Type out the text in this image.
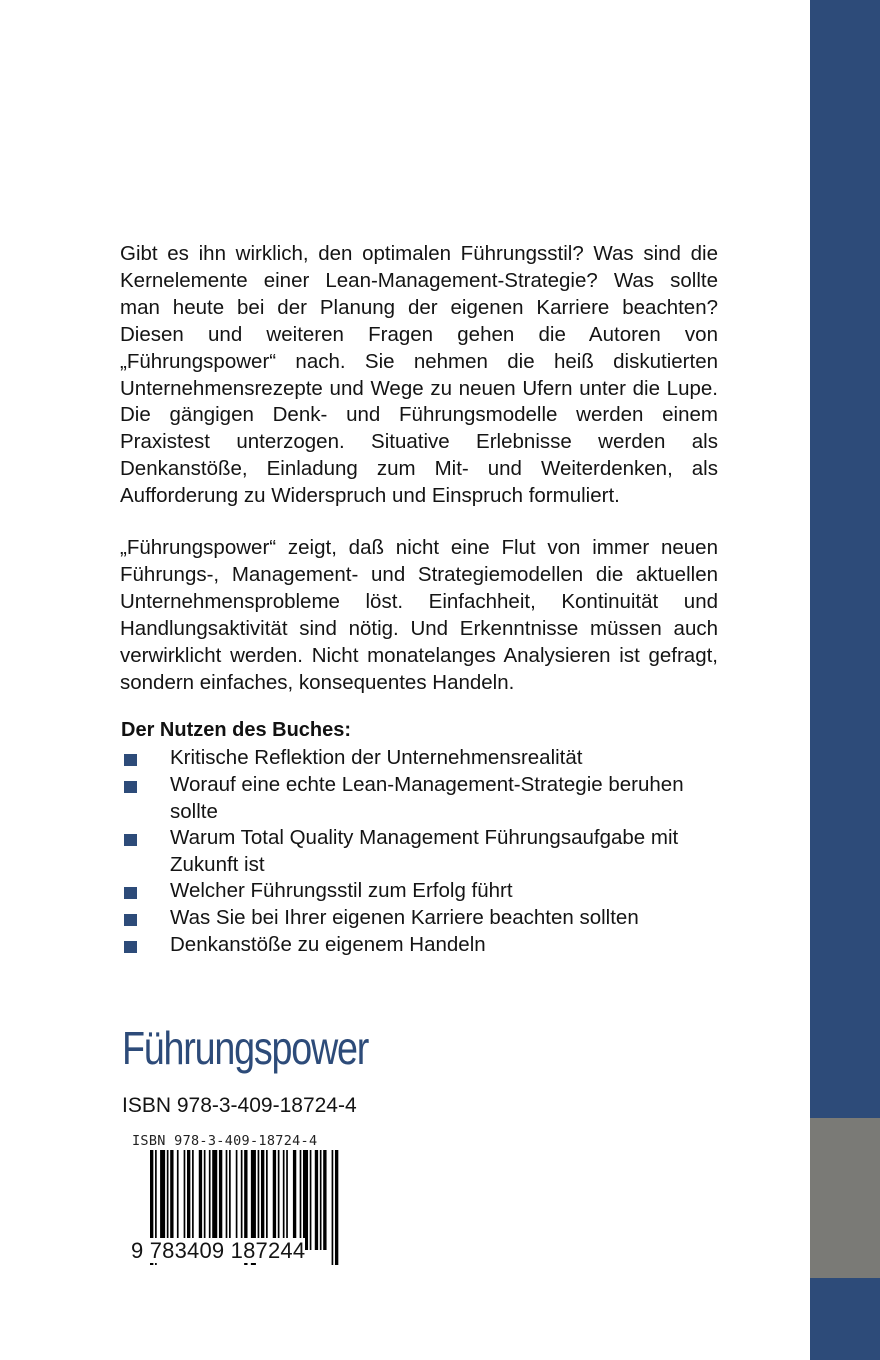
Gibt es ihn wirklich, den optimalen Führungsstil? Was sind die Kernelemente einer Lean-Management-Strategie? Was sollte man heute bei der Planung der eigenen Karriere beachten? Diesen und weiteren Fragen gehen die Autoren von „Führungspower“ nach. Sie nehmen die heiß diskutierten Unternehmensrezepte und Wege zu neuen Ufern unter die Lupe. Die gängigen Denk- und Führungsmodelle werden einem Praxistest unterzogen. Situative Erlebnisse werden als Denkanstöße, Einladung zum Mit- und Weiterdenken, als Aufforderung zu Widerspruch und Einspruch formuliert.

„Führungspower“ zeigt, daß nicht eine Flut von immer neuen Führungs-, Management- und Strategiemodellen die aktuellen Unternehmensprobleme löst. Einfachheit, Kontinuität und Handlungsaktivität sind nötig. Und Erkenntnisse müssen auch verwirklicht werden. Nicht monatelanges Analysieren ist gefragt, sondern einfaches, konsequentes Handeln.

Der Nutzen des Buches:
Kritische Reflektion der Unternehmensrealität
Worauf eine echte Lean-Management-Strategie beruhen sollte
Warum Total Quality Management Führungsaufgabe mit Zukunft ist
Welcher Führungsstil zum Erfolg führt
Was Sie bei Ihrer eigenen Karriere beachten sollten
Denkanstöße zu eigenem Handeln
Führungspower

ISBN 978-3-409-18724-4

ISBN 978-3-409-18724-4

9 783409 187244
